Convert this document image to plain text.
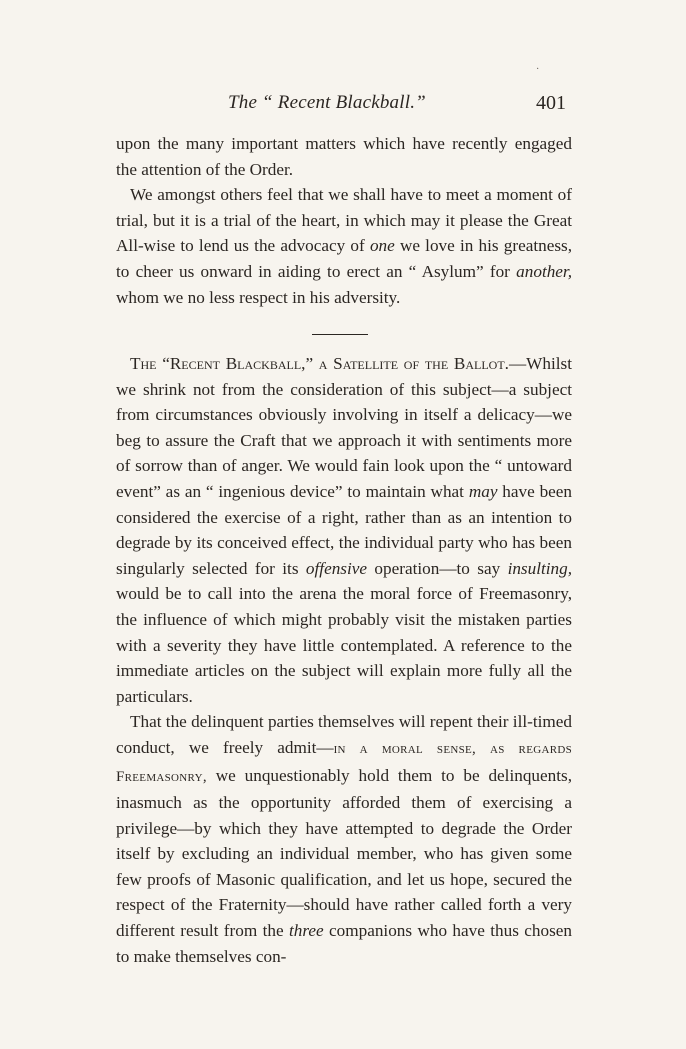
·
The “ Recent Blackball.”	401

upon the many important matters which have recently engaged the attention of the Order.

We amongst others feel that we shall have to meet a moment of trial, but it is a trial of the heart, in which may it please the Great All-wise to lend us the advocacy of one we love in his greatness, to cheer us onward in aiding to erect an “ Asylum” for another, whom we no less respect in his adversity.

The “Recent Blackball,” a Satellite of the Ballot.—Whilst we shrink not from the consideration of this subject—a subject from circumstances obviously involving in itself a delicacy—we beg to assure the Craft that we approach it with sentiments more of sorrow than of anger. We would fain look upon the “ untoward event” as an “ ingenious device” to maintain what may have been considered the exercise of a right, rather than as an intention to degrade by its conceived effect, the individual party who has been singularly selected for its offensive operation—to say insulting, would be to call into the arena the moral force of Freemasonry, the influence of which might probably visit the mistaken parties with a severity they have little contemplated. A reference to the immediate articles on the subject will explain more fully all the particulars.

That the delinquent parties themselves will repent their ill-timed conduct, we freely admit—in a moral sense, as regards Freemasonry, we unquestionably hold them to be delinquents, inasmuch as the opportunity afforded them of exercising a privilege—by which they have attempted to degrade the Order itself by excluding an individual member, who has given some few proofs of Masonic qualification, and let us hope, secured the respect of the Fraternity—should have rather called forth a very different result from the three companions who have thus chosen to make themselves con-
